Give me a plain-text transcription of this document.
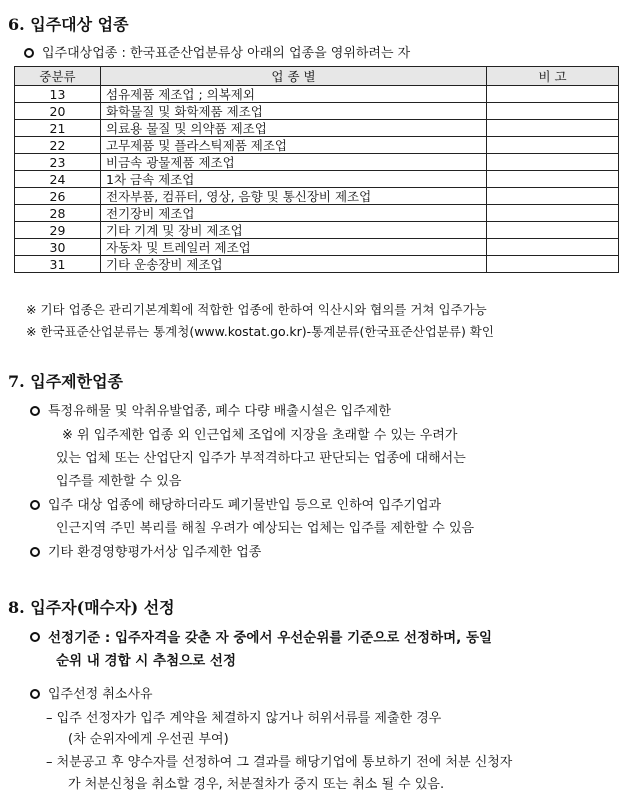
6. 입주대상 업종
입주대상업종 : 한국표준산업분류상 아래의 업종을 영위하려는 자
중분류	업 종 별	비 고
13	섬유제품 제조업 ; 의복제외	
20	화학물질 및 화학제품 제조업	
21	의료용 물질 및 의약품 제조업	
22	고무제품 및 플라스틱제품 제조업	
23	비금속 광물제품 제조업	
24	1차 금속 제조업	
26	전자부품, 컴퓨터, 영상, 음향 및 통신장비 제조업	
28	전기장비 제조업	
29	기타 기계 및 장비 제조업	
30	자동차 및 트레일러 제조업	
31	기타 운송장비 제조업	
※ 기타 업종은 관리기본계획에 적합한 업종에 한하여 익산시와 협의를 거쳐 입주가능
※ 한국표준산업분류는 통계청(www.kostat.go.kr)-통계분류(한국표준산업분류) 확인
7. 입주제한업종
특정유해물 및 악취유발업종, 폐수 다량 배출시설은 입주제한
※ 위 입주제한 업종 외 인근업체 조업에 지장을 초래할 수 있는 우려가
있는 업체 또는 산업단지 입주가 부적격하다고 판단되는 업종에 대해서는
입주를 제한할 수 있음
입주 대상 업종에 해당하더라도 폐기물반입 등으로 인하여 입주기업과
인근지역 주민 복리를 해칠 우려가 예상되는 업체는 입주를 제한할 수 있음
기타 환경영향평가서상 입주제한 업종
8. 입주자(매수자) 선정
선정기준 : 입주자격을 갖춘 자 중에서 우선순위를 기준으로 선정하며, 동일
순위 내 경합 시 추첨으로 선정
입주선정 취소사유
– 입주 선정자가 입주 계약을 체결하지 않거나 허위서류를 제출한 경우
(차 순위자에게 우선권 부여)
– 처분공고 후 양수자를 선정하여 그 결과를 해당기업에 통보하기 전에 처분 신청자
가 처분신청을 취소할 경우, 처분절차가 중지 또는 취소 될 수 있음.
